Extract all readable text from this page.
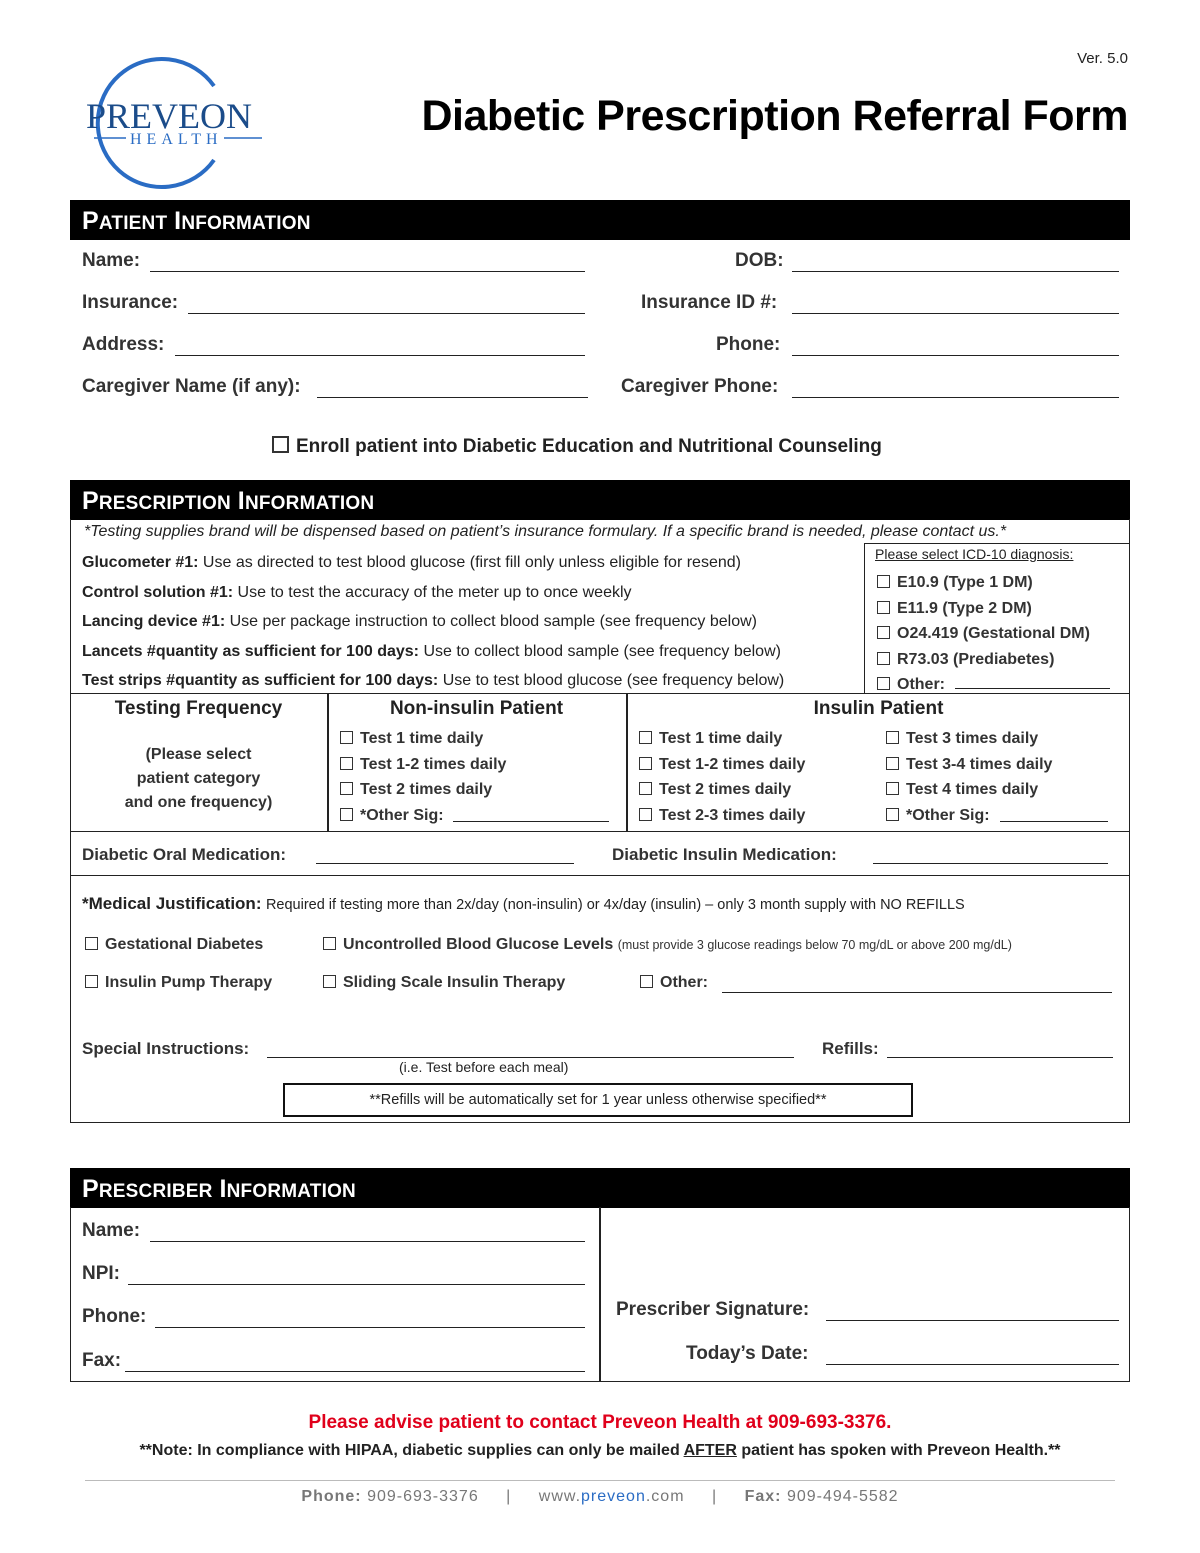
Ver. 5.0
PREVEON
HEALTH	Diabetic Prescription Referral Form
PATIENT INFORMATION
Name:	DOB:
Insurance:	Insurance ID #:
Address:	Phone:
Caregiver Name (if any):	Caregiver Phone:
Enroll patient into Diabetic Education and Nutritional Counseling
PRESCRIPTION INFORMATION
*Testing supplies brand will be dispensed based on patient’s insurance formulary. If a specific brand is needed, please contact us.*
Glucometer #1: Use as directed to test blood glucose (first fill only unless eligible for resend)
Control solution #1: Use to test the accuracy of the meter up to once weekly
Lancing device #1: Use per package instruction to collect blood sample (see frequency below)
Lancets #quantity as sufficient for 100 days: Use to collect blood sample (see frequency below)
Test strips #quantity as sufficient for 100 days: Use to test blood glucose (see frequency below)
Please select ICD-10 diagnosis:
E10.9 (Type 1 DM)
E11.9 (Type 2 DM)
O24.419 (Gestational DM)
R73.03 (Prediabetes)
Other:
Testing Frequency
(Please select
patient category
and one frequency)
Non-insulin Patient
Test 1 time daily
Test 1-2 times daily
Test 2 times daily
*Other Sig:
Insulin Patient
Test 1 time daily
Test 1-2 times daily
Test 2 times daily
Test 2-3 times daily
Test 3 times daily
Test 3-4 times daily
Test 4 times daily
*Other Sig:
Diabetic Oral Medication:	Diabetic Insulin Medication:
*Medical Justification: Required if testing more than 2x/day (non-insulin) or 4x/day (insulin) – only 3 month supply with NO REFILLS
Gestational Diabetes	Uncontrolled Blood Glucose Levels (must provide 3 glucose readings below 70 mg/dL or above 200 mg/dL)
Insulin Pump Therapy	Sliding Scale Insulin Therapy	Other:
Special Instructions:
(i.e. Test before each meal)
Refills:
**Refills will be automatically set for 1 year unless otherwise specified**
PRESCRIBER INFORMATION
Name:
NPI:
Phone:
Fax:
Prescriber Signature:
Today’s Date:
Please advise patient to contact Preveon Health at 909-693-3376.
**Note: In compliance with HIPAA, diabetic supplies can only be mailed AFTER patient has spoken with Preveon Health.**
Phone: 909-693-3376 | www.preveon.com | Fax: 909-494-5582
